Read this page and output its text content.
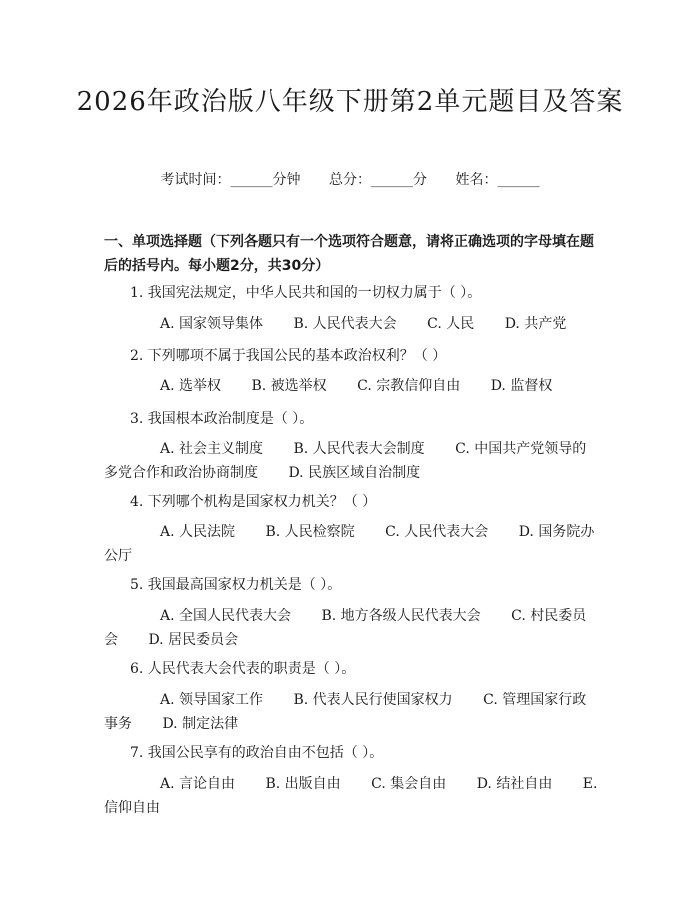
2026年政治版八年级下册第2单元题目及答案
考试时间：______分钟 总分：______分 姓名：______
一、单项选择题（下列各题只有一个选项符合题意，请将正确选项的字母填在题后的括号内。每小题2分，共30分）
1. 我国宪法规定，中华人民共和国的一切权力属于（ ）。
A. 国家领导集体 B. 人民代表大会 C. 人民 D. 共产党
2. 下列哪项不属于我国公民的基本政治权利？（ ）
A. 选举权 B. 被选举权 C. 宗教信仰自由 D. 监督权
3. 我国根本政治制度是（ ）。
A. 社会主义制度 B. 人民代表大会制度 C. 中国共产党领导的多党合作和政治协商制度 D. 民族区域自治制度
4. 下列哪个机构是国家权力机关？（ ）
A. 人民法院 B. 人民检察院 C. 人民代表大会 D. 国务院办公厅
5. 我国最高国家权力机关是（ ）。
A. 全国人民代表大会 B. 地方各级人民代表大会 C. 村民委员会 D. 居民委员会
6. 人民代表大会代表的职责是（ ）。
A. 领导国家工作 B. 代表人民行使国家权力 C. 管理国家行政事务 D. 制定法律
7. 我国公民享有的政治自由不包括（ ）。
A. 言论自由 B. 出版自由 C. 集会自由 D. 结社自由 E. 信仰自由
